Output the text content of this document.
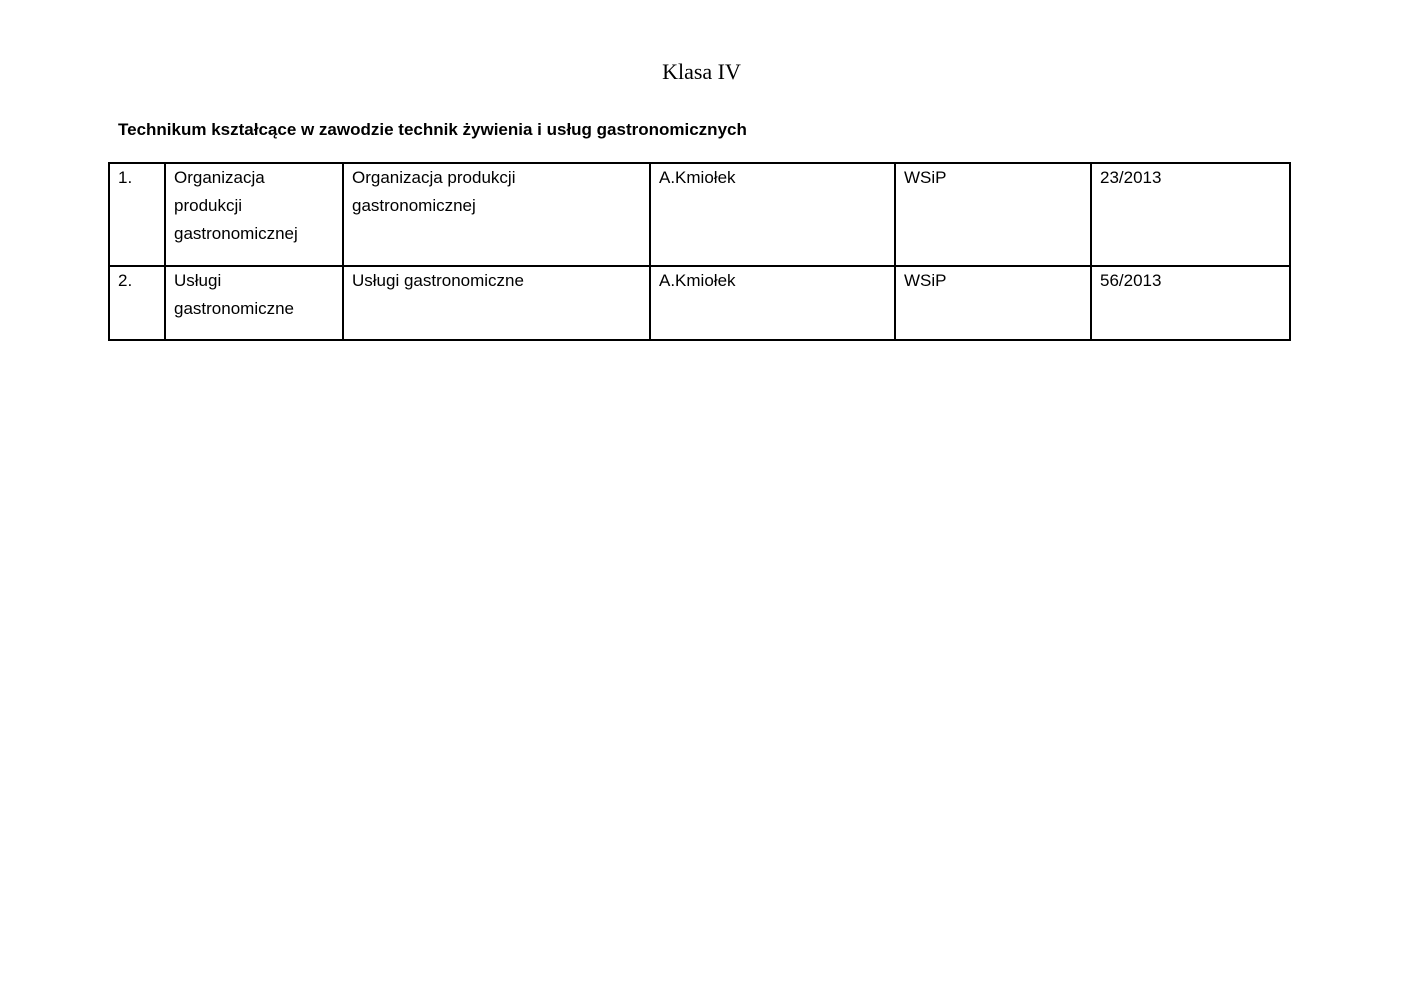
Klasa IV
Technikum kształcące w zawodzie technik żywienia i usług gastronomicznych
1.	Organizacja produkcji gastronomicznej	Organizacja produkcji gastronomicznej	A.Kmiołek	WSiP	23/2013
2.	Usługi gastronomiczne	Usługi gastronomiczne	A.Kmiołek	WSiP	56/2013
